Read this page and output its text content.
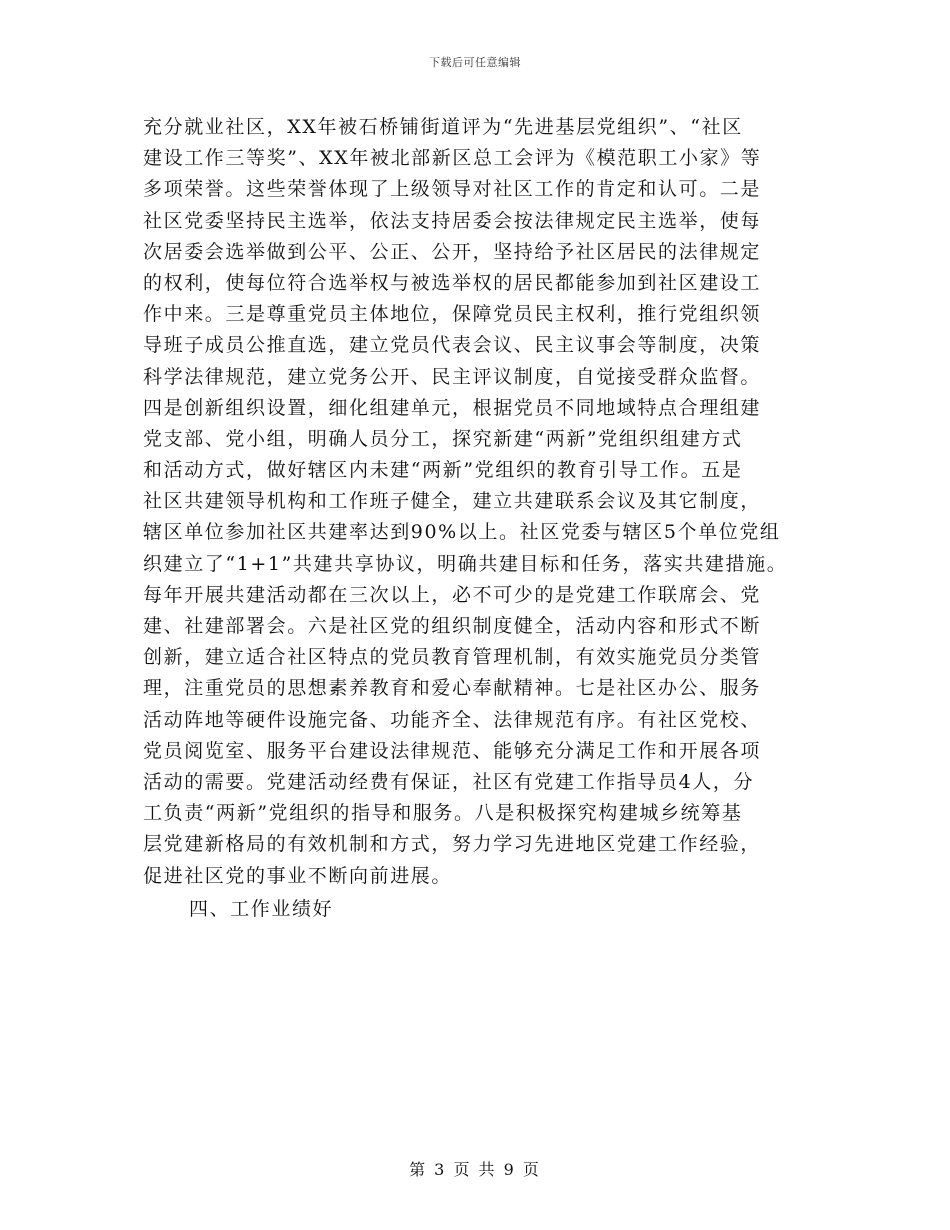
下载后可任意编辑
充分就业社区，XX年被石桥铺街道评为“先进基层党组织”、“社区
建设工作三等奖”、XX年被北部新区总工会评为《模范职工小家》等
多项荣誉。这些荣誉体现了上级领导对社区工作的肯定和认可。二是
社区党委坚持民主选举，依法支持居委会按法律规定民主选举，使每
次居委会选举做到公平、公正、公开，坚持给予社区居民的法律规定
的权利，使每位符合选举权与被选举权的居民都能参加到社区建设工
作中来。三是尊重党员主体地位，保障党员民主权利，推行党组织领
导班子成员公推直选，建立党员代表会议、民主议事会等制度，决策
科学法律规范，建立党务公开、民主评议制度，自觉接受群众监督。
四是创新组织设置，细化组建单元，根据党员不同地域特点合理组建
党支部、党小组，明确人员分工，探究新建“两新”党组织组建方式
和活动方式，做好辖区内未建“两新”党组织的教育引导工作。五是
社区共建领导机构和工作班子健全，建立共建联系会议及其它制度，
辖区单位参加社区共建率达到90%以上。社区党委与辖区5个单位党组
织建立了“1+1”共建共享协议，明确共建目标和任务，落实共建措施。
每年开展共建活动都在三次以上，必不可少的是党建工作联席会、党
建、社建部署会。六是社区党的组织制度健全，活动内容和形式不断
创新，建立适合社区特点的党员教育管理机制，有效实施党员分类管
理，注重党员的思想素养教育和爱心奉献精神。七是社区办公、服务
活动阵地等硬件设施完备、功能齐全、法律规范有序。有社区党校、
党员阅览室、服务平台建设法律规范、能够充分满足工作和开展各项
活动的需要。党建活动经费有保证，社区有党建工作指导员4人，分
工负责“两新”党组织的指导和服务。八是积极探究构建城乡统筹基
层党建新格局的有效机制和方式，努力学习先进地区党建工作经验，
促进社区党的事业不断向前进展。
四、工作业绩好
第 3 页 共 9 页
